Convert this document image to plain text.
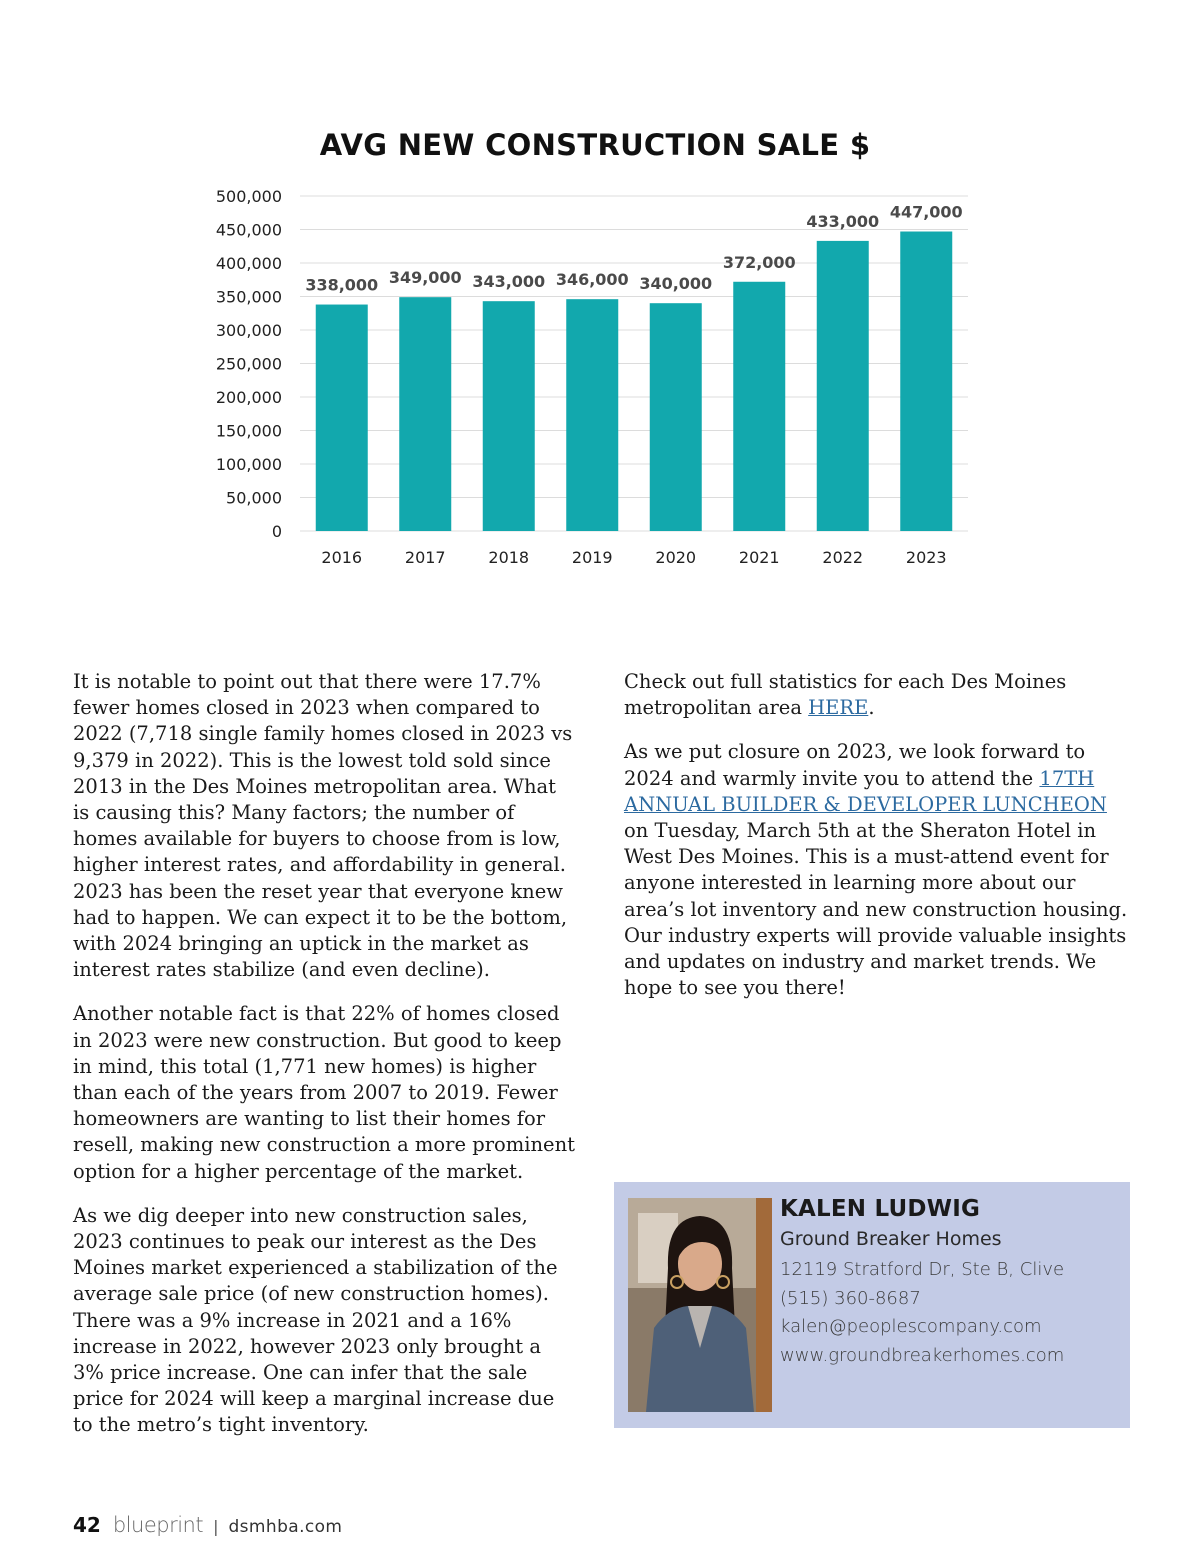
AVG NEW CONSTRUCTION SALE $
0
50,000
100,000
150,000
200,000
250,000
300,000
350,000
400,000
450,000
500,000
338,000
2016
349,000
2017
343,000
2018
346,000
2019
340,000
2020
372,000
2021
433,000
2022
447,000
2023

It is notable to point out that there were 17.7% fewer homes closed in 2023 when compared to 2022 (7,718 single family homes closed in 2023 vs 9,379 in 2022). This is the lowest told sold since 2013 in the Des Moines metropolitan area. What is causing this? Many factors; the number of homes available for buyers to choose from is low, higher interest rates, and affordability in general. 2023 has been the reset year that everyone knew had to happen. We can expect it to be the bottom, with 2024 bringing an uptick in the market as interest rates stabilize (and even decline).

Another notable fact is that 22% of homes closed in 2023 were new construction. But good to keep in mind, this total (1,771 new homes) is higher than each of the years from 2007 to 2019. Fewer homeowners are wanting to list their homes for resell, making new construction a more prominent option for a higher percentage of the market.

As we dig deeper into new construction sales, 2023 continues to peak our interest as the Des Moines market experienced a stabilization of the average sale price (of new construction homes). There was a 9% increase in 2021 and a 16% increase in 2022, however 2023 only brought a 3% price increase. One can infer that the sale price for 2024 will keep a marginal increase due to the metro’s tight inventory.

Check out full statistics for each Des Moines metropolitan area HERE.

As we put closure on 2023, we look forward to 2024 and warmly invite you to attend the 17TH ANNUAL BUILDER & DEVELOPER LUNCHEON on Tuesday, March 5th at the Sheraton Hotel in West Des Moines. This is a must-attend event for anyone interested in learning more about our area’s lot inventory and new construction housing. Our industry experts will provide valuable insights and updates on industry and market trends. We hope to see you there!

KALEN LUDWIG
Ground Breaker Homes
12119 Stratford Dr, Ste B, Clive
(515) 360-8687
kalen@peoplescompany.com
www.groundbreakerhomes.com
42 blueprint | dsmhba.com
